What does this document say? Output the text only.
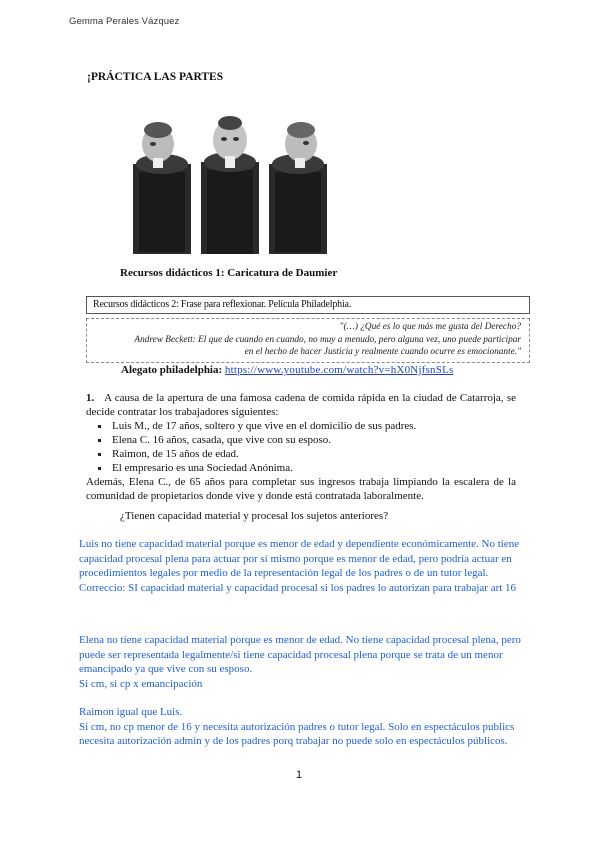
Gemma Perales Vázquez
¡PRÁCTICA LAS PARTES
Recursos didácticos 1: Caricatura de Daumier
Recursos didácticos 2: Frase para reflexionar. Película Philadelphia.
"(…) ¿Qué es lo que más me gusta del Derecho?
Andrew Beckett: El que de cuando en cuando, no muy a menudo, pero alguna vez, uno puede participar
en el hecho de hacer Justicia y realmente cuando ocurre es emocionante."
Alegato philadelphia: https://www.youtube.com/watch?v=hX0NjfsnSLs
1. A causa de la apertura de una famosa cadena de comida rápida en la ciudad de Catarroja, se decide contratar los trabajadores siguientes:
Luis M., de 17 años, soltero y que vive en el domicilio de sus padres.
Elena C. 16 años, casada, que vive con su esposo.
Raimon, de 15 años de edad.
El empresario es una Sociedad Anónima.
Además, Elena C., de 65 años para completar sus ingresos trabaja limpiando la escalera de la comunidad de propietarios donde vive y donde está contratada laboralmente.
¿Tienen capacidad material y procesal los sujetos anteriores?
Luis no tiene capacidad material porque es menor de edad y dependiente económicamente. No tiene capacidad procesal plena para actuar por sí mismo porque es menor de edad, pero podría actuar en procedimientos legales por medio de la representación legal de los padres o de un tutor legal.
Correccio: SI capacidad material y capacidad procesal si los padres lo autorizan para trabajar art 16
Elena no tiene capacidad material porque es menor de edad. No tiene capacidad procesal plena, pero puede ser representada legalmente/si tiene capacidad procesal plena porque se trata de un menor emancipado ya que vive con su esposo.
Si cm, si cp x emancipación
Raimon igual que Luis.
Si cm, no cp menor de 16 y necesita autorización padres o tutor legal. Solo en espectáculos publics necesita autorización admin y de los padres porq trabajar no puede solo en espectáculos públicos.
1
